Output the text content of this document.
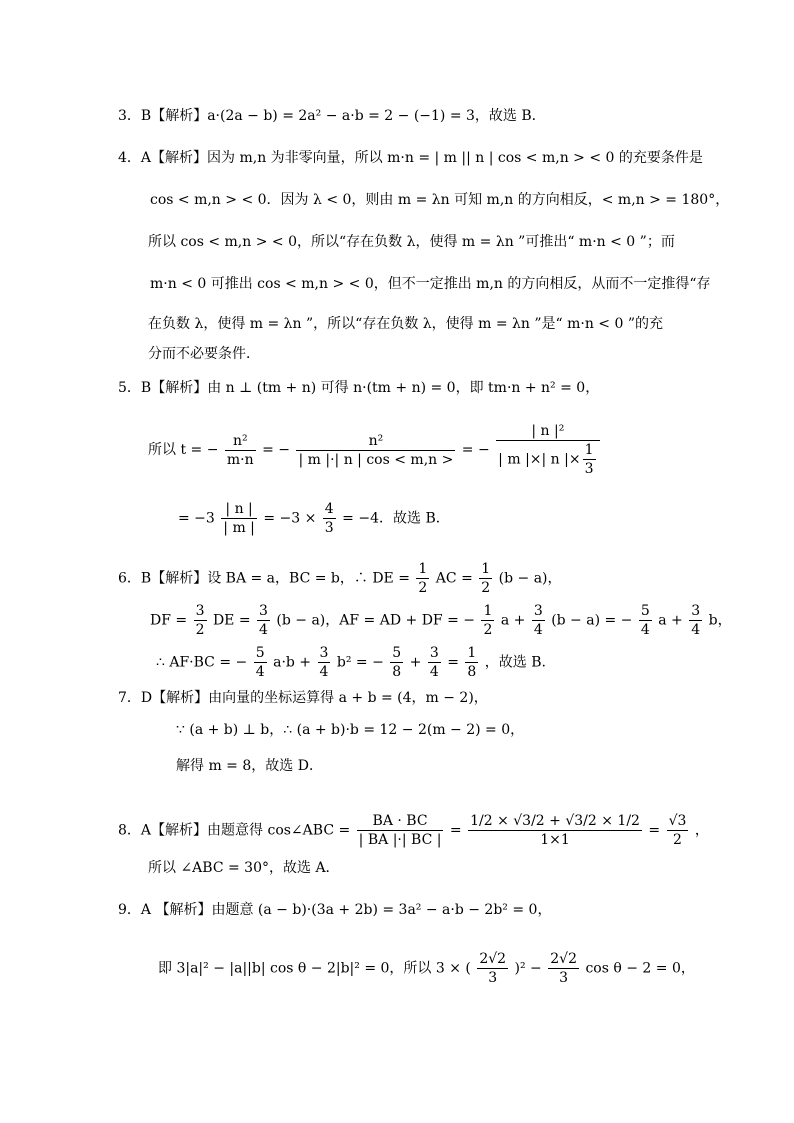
3．B【解析】a·(2a − b) = 2a² − a·b = 2 − (−1) = 3，故选 B．
4．A【解析】因为 m,n 为非零向量，所以 m·n = | m || n | cos < m,n > < 0 的充要条件是
cos < m,n > < 0．因为 λ < 0，则由 m = λn 可知 m,n 的方向相反，< m,n > = 180°，
所以 cos < m,n > < 0，所以“存在负数 λ，使得 m = λn ”可推出“ m·n < 0 ”；而
m·n < 0 可推出 cos < m,n > < 0，但不一定推出 m,n 的方向相反，从而不一定推得“存
在负数 λ，使得 m = λn ”，所以“存在负数 λ，使得 m = λn ”是“ m·n < 0 ”的充
分而不必要条件．
5．B【解析】由 n ⊥ (tm + n) 可得 n·(tm + n) = 0，即 tm·n + n² = 0，
所以 t = − $\frac{\text{n²}}{m\cdot n}$ = − $\frac{\text{n²}}{| m |\cdot| n | \cos < m,n >}$ = − $\frac{\text{| n |²}}{| m |\times| n |\times \frac{1}{3}}$
= $-3 \frac{| n |}{| m |} = -3 \times \frac{4}{3} = -4$．故选 B．
6．B【解析】设 BA = a，BC = b，∴ DE = $\frac{1}{2}$ AC = $\frac{1}{2} (b - a)$，
DF = $\frac{3}{2}$ DE = $\frac{3}{4} (b - a)$，AF = AD + DF = − $\frac{1}{2}$ $a + \frac{3}{4} (b - a)$ = − $\frac{5}{4}$ $a + \frac{3}{4}$ b，
∴ AF·BC = − $\frac{5}{4} a\cdot b + \frac{3}{4} b^2$ = − $\frac{5}{8} + \frac{3}{4} = \frac{1}{8}$ ，故选 B.
7．D【解析】由向量的坐标运算得 a + b = (4，m − 2)，
∵ (a + b) ⊥ b，∴ (a + b)·b = 12 − 2(m − 2) = 0，
解得 m = 8，故选 D．
8．A【解析】由题意得 cos∠ABC = $\frac{BA \cdot BC}{| BA |\cdot| BC |} = \frac{1/2 \times √3/2 + √3/2 \times 1/2}{1\times 1} = \frac{√3}{2}$ ，
所以 ∠ABC = 30°，故选 A．
9．A 【解析】由题意 (a − b)·(3a + 2b) = 3a² − a·b − 2b² = 0，
即 3|a|² − |a||b| cos θ − 2|b|² = 0，所以 3 × ( $\frac{2√2}{3} )^2 - \frac{2√2}{3}$ cos θ − 2 = 0，
